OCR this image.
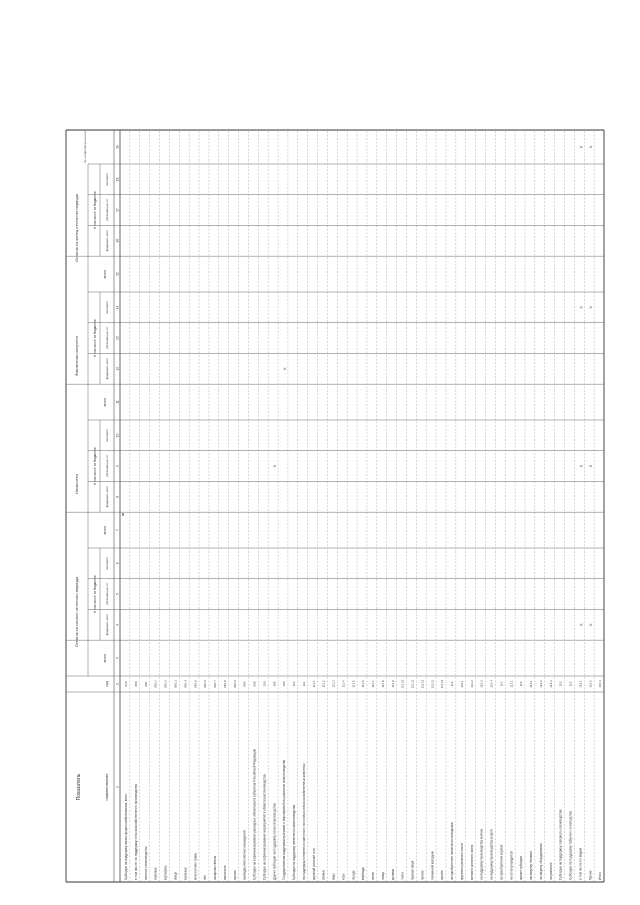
к
Показатель	наименование
код
Остаток на начало отчетного периода
всего
в том числе из бюджетов
федераль-ного
регионально-го
местного
Начислено
всего
в том числе из бюджетов
федераль-ного
регионально-го
местного
Фактически получено
всего
в том числе из бюджетов
федераль-ного
регионально-го
местного
Остаток на конец отчетного периода
всего
в том числе из бюджетов
федераль-ного
регионально-го
местного
Справочно: остаток бюджетной субсидии на дальнейшее использование
1
2
3
4
5
6
7
8
9
10
11
12
13
14
15
16
17
18
19
Субсидии на поддержку малых форм хозяйствования, всего
010
в том числе: на поддержку сельскохозяйственного производства
080
элитное семеноводство
081
зерновые
081.1
картофель
081.2
овощи
081.3
кормовые
081.4
многолетние травы
081.5
лён
081.6
сахарная свёкла
081.7
масличные
081.8
прочие
081.9
закладка многолетних насаждений
082
Субсидии на софинансирование расходных обязательств субъектов Российской Федерации
090
Субсидии на софинансирование мероприятий в области растениеводства
100
Другие субсидии на поддержку сельхозпроизводства
105
Государственная поддержка программ и мероприятий по развитию животноводства
106
Субсидии на поддержку племенного животноводства
110
на поддержку племенного маточного поголовья сельскохозяйственных животных
111
крупный рогатый скот
111.1
свиньи
111.2
овцы
111.3
козы
111.4
лошади
111.5
верблюды
111.6
олени
111.7
птица
111.8
кролики
111.9
пчелы
111.10
пушные звери
111.11
прочие
111.12
племенной молодняк
111.13
прочее
111.14
на приобретение племенного молодняка
112
крупного рогатого скота
112.1
мелкого рогатого скота
112.2
на поддержку производства молока
112.3
на поддержку производства шерсти
112.4
на приобретение кормов
113
на оплату кредитов
113.1
прочие субсидии
114
на закупку техники
114.1
на закупку оборудования
114.2
на развитие
114.3
Субсидии на поддержку северного оленеводства
115
Субсидии на поддержку табунного коневодства
116
в том числе по видам
116.1
Прочие
116.2
Итого
116.3
X
X
X X
X X
X X
X X
